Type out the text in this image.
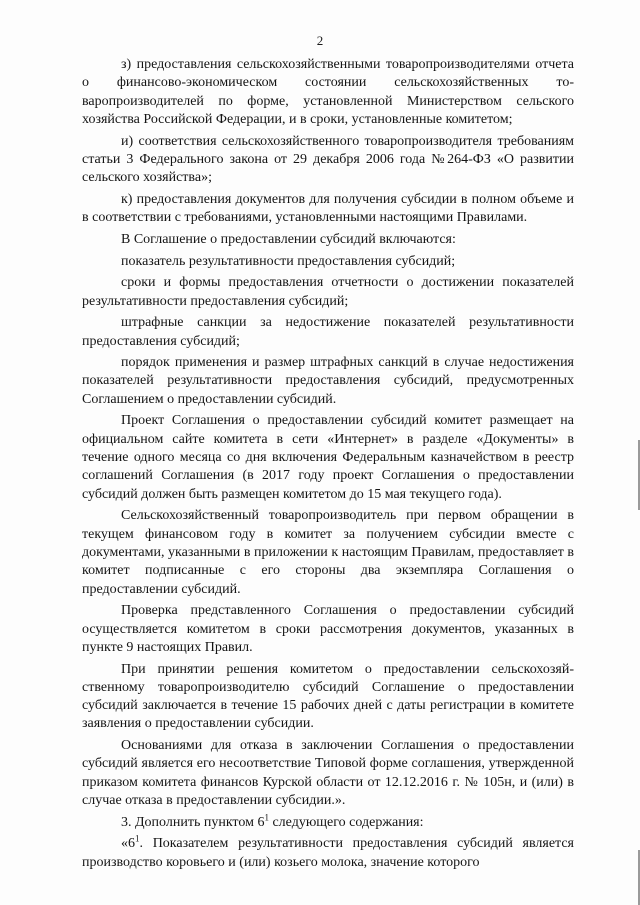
2

з) предоставления сельскохозяйственными товаропроизводителями отчета о финансово-экономическом состоянии сельскохозяйственных товаропроизводителей по форме, установленной Министерством сельского хозяйства Российской Федерации, и в сроки, установленные комитетом;

и) соответствия сельскохозяйственного товаропроизводителя требованиям статьи 3 Федерального закона от 29 декабря 2006 года №264-ФЗ «О развитии сельского хозяйства»;

к) предоставления документов для получения субсидии в полном объеме и в соответствии с требованиями, установленными настоящими Правилами.

В Соглашение о предоставлении субсидий включаются:

показатель результативности предоставления субсидий;

сроки и формы предоставления отчетности о достижении показателей результативности предоставления субсидий;

штрафные санкции за недостижение показателей результативности предоставления субсидий;

порядок применения и размер штрафных санкций в случае недостижения показателей результативности предоставления субсидий, предусмотренных Соглашением о предоставлении субсидий.

Проект Соглашения о предоставлении субсидий комитет размещает на официальном сайте комитета в сети «Интернет» в разделе «Документы» в течение одного месяца со дня включения Федеральным казначейством в реестр соглашений Соглашения (в 2017 году проект Соглашения о предоставлении субсидий должен быть размещен комитетом до 15 мая текущего года).

Сельскохозяйственный товаропроизводитель при первом обращении в текущем финансовом году в комитет за получением субсидии вместе с документами, указанными в приложении к настоящим Правилам, предоставляет в комитет подписанные с его стороны два экземпляра Соглашения о предоставлении субсидий.

Проверка представленного Соглашения о предоставлении субсидий осуществляется комитетом в сроки рассмотрения документов, указанных в пункте 9 настоящих Правил.

При принятии решения комитетом о предоставлении сельскохозяйственному товаропроизводителю субсидий Соглашение о предоставлении субсидий заключается в течение 15 рабочих дней с даты регистрации в комитете заявления о предоставлении субсидии.

Основаниями для отказа в заключении Соглашения о предоставлении субсидий является его несоответствие Типовой форме соглашения, утвержденной приказом комитета финансов Курской области от 12.12.2016 г. № 105н, и (или) в случае отказа в предоставлении субсидии.».

3. Дополнить пунктом $6^1$ следующего содержания:

«$6^1$. Показателем результативности предоставления субсидий является производство коровьего и (или) козьего молока, значение которого
